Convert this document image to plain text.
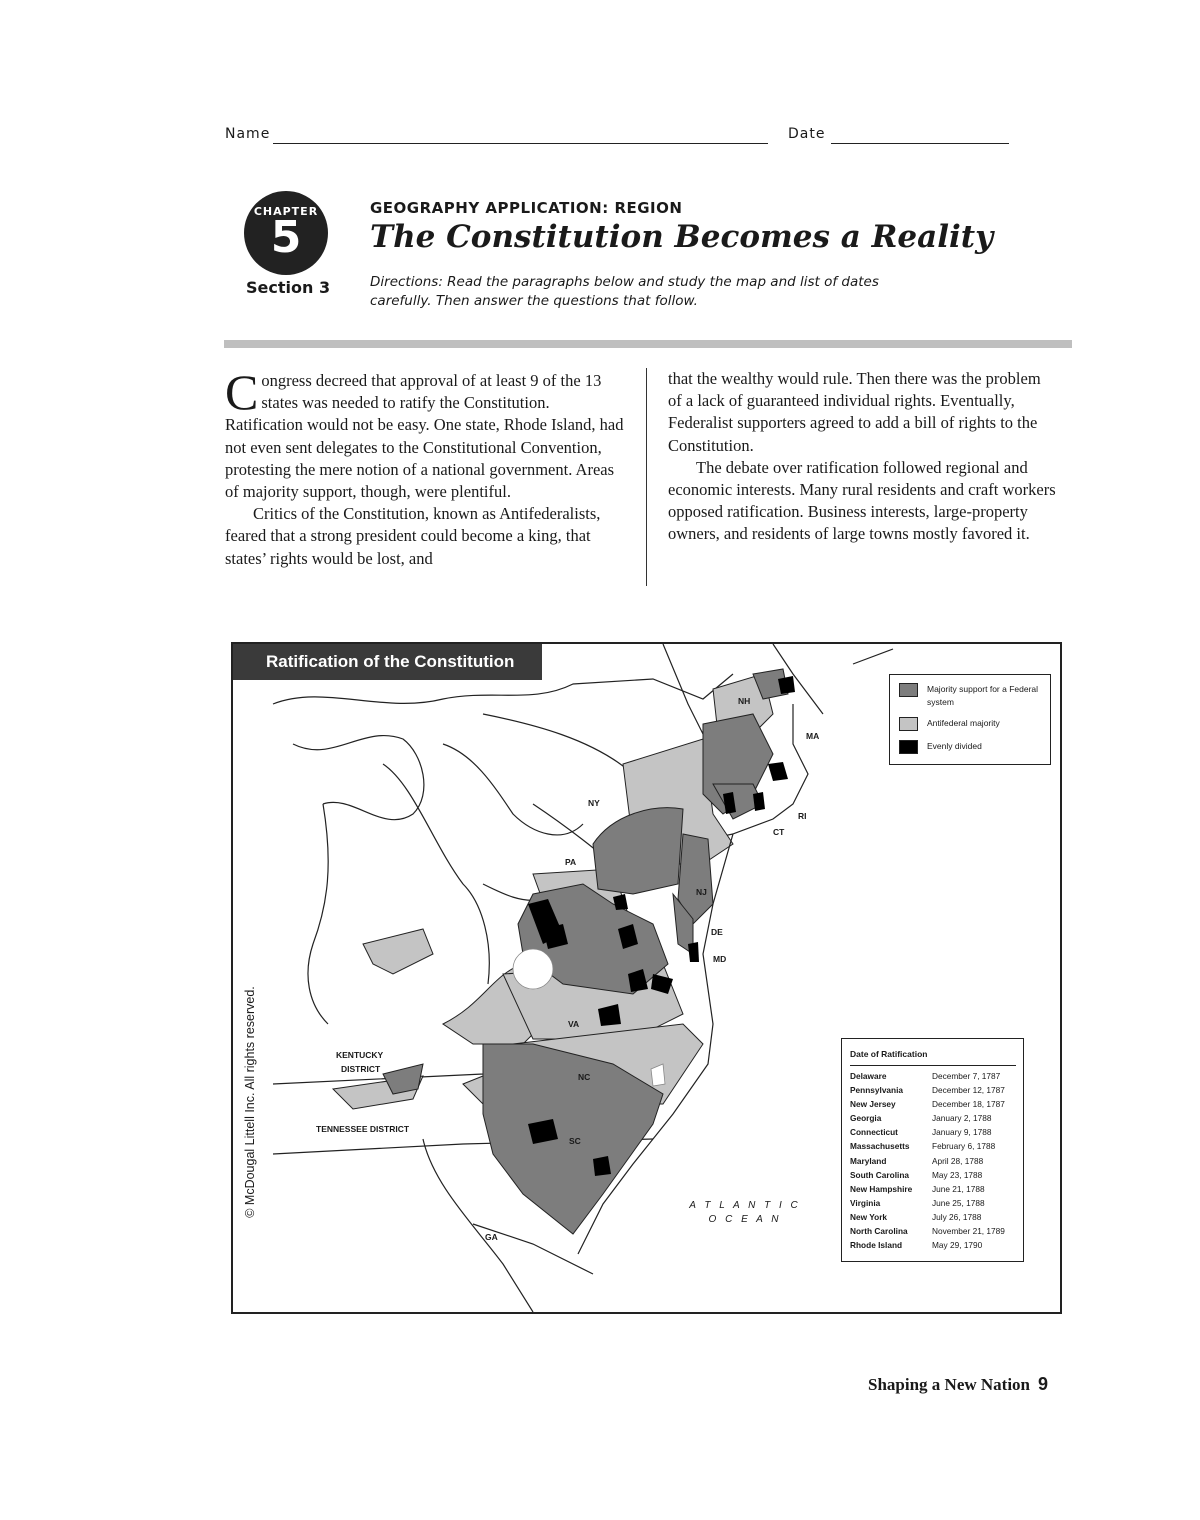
Name	Date
CHAPTER
5
Section 3
GEOGRAPHY APPLICATION: REGION
The Constitution Becomes a Reality
Directions: Read the paragraphs below and study the map and list of dates carefully. Then answer the questions that follow.

Congress decreed that approval of at least 9 of the 13 states was needed to ratify the Constitution. Ratification would not be easy. One state, Rhode Island, had not even sent delegates to the Constitutional Convention, protesting the mere notion of a national government. Areas of majority support, though, were plentiful.

Critics of the Constitution, known as Antifederalists, feared that a strong president could become a king, that states’ rights would be lost, and

that the wealthy would rule. Then there was the problem of a lack of guaranteed individual rights. Eventually, Federalist supporters agreed to add a bill of rights to the Constitution.

The debate over ratification followed regional and economic interests. Many rural residents and craft workers opposed ratification. Business interests, large-property owners, and residents of large towns mostly favored it.

NH
MA
NY
RI
CT
PA
NJ
DE
MD
VA
NC
SC
GA
KENTUCKY
DISTRICT
TENNESSEE DISTRICT
A T L A N T I C
O C E A N
Ratification of the Constitution
Majority support for a Federal system
Antifederal majority
Evenly divided
Date of Ratification
Delaware	December 7, 1787
Pennsylvania	December 12, 1787
New Jersey	December 18, 1787
Georgia	January 2, 1788
Connecticut	January 9, 1788
Massachusetts	February 6, 1788
Maryland	April 28, 1788
South Carolina	May 23, 1788
New Hampshire	June 21, 1788
Virginia	June 25, 1788
New York	July 26, 1788
North Carolina	November 21, 1789
Rhode Island	May 29, 1790
© McDougal Littell Inc. All rights reserved.
Shaping a New Nation 9
